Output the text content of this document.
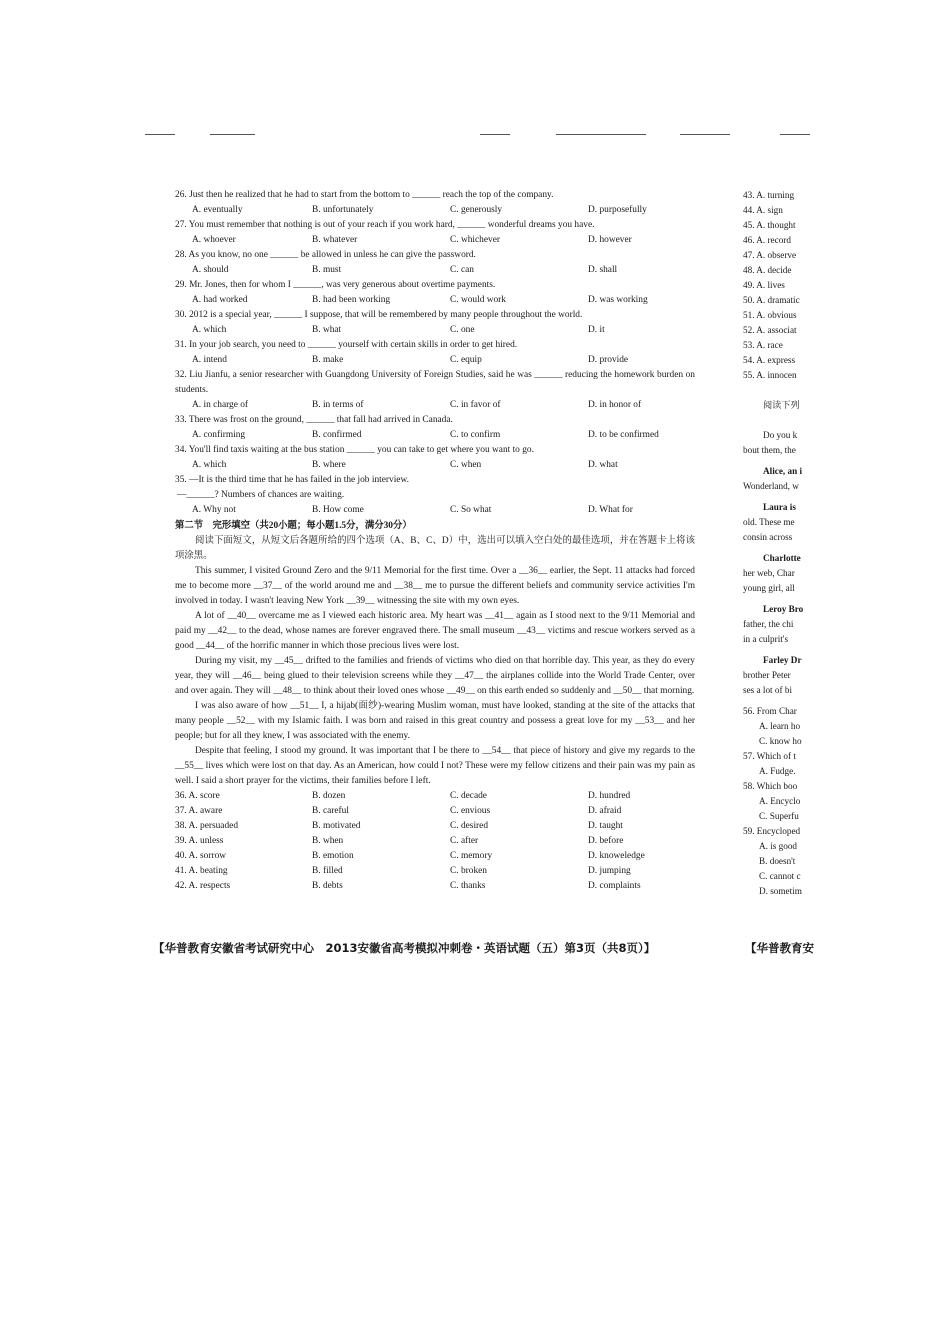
26. Just then he realized that he had to start from the bottom to ______ reach the top of the company.

A. eventually	B. unfortunately	C. generously	D. purposefully

27. You must remember that nothing is out of your reach if you work hard, ______ wonderful dreams you have.

A. whoever	B. whatever	C. whichever	D. however

28. As you know, no one ______ be allowed in unless he can give the password.

A. should	B. must	C. can	D. shall

29. Mr. Jones, then for whom I ______, was very generous about overtime payments.

A. had worked	B. had been working	C. would work	D. was working

30. 2012 is a special year, ______ I suppose, that will be remembered by many people throughout the world.

A. which	B. what	C. one	D. it

31. In your job search, you need to ______ yourself with certain skills in order to get hired.

A. intend	B. make	C. equip	D. provide

32. Liu Jianfu, a senior researcher with Guangdong University of Foreign Studies, said he was ______ reducing the homework burden on students.

A. in charge of	B. in terms of	C. in favor of	D. in honor of

33. There was frost on the ground, ______ that fall had arrived in Canada.

A. confirming	B. confirmed	C. to confirm	D. to be confirmed

34. You'll find taxis waiting at the bus station ______ you can take to get where you want to go.

A. which	B. where	C. when	D. what

35. —It is the third time that he has failed in the job interview.

—______? Numbers of chances are waiting.

A. Why not	B. How come	C. So what	D. What for

第二节　完形填空（共20小题；每小题1.5分，满分30分）

阅读下面短文，从短文后各题所给的四个选项（A、B、C、D）中，选出可以填入空白处的最佳选项，并在答题卡上将该项涂黑。

This summer, I visited Ground Zero and the 9/11 Memorial for the first time. Over a __36__ earlier, the Sept. 11 attacks had forced me to become more __37__ of the world around me and __38__ me to pursue the different beliefs and community service activities I'm involved in today. I wasn't leaving New York __39__ witnessing the site with my own eyes.

A lot of __40__ overcame me as I viewed each historic area. My heart was __41__ again as I stood next to the 9/11 Memorial and paid my __42__ to the dead, whose names are forever engraved there. The small museum __43__ victims and rescue workers served as a good __44__ of the horrific manner in which those precious lives were lost.

During my visit, my __45__ drifted to the families and friends of victims who died on that horrible day. This year, as they do every year, they will __46__ being glued to their television screens while they __47__ the airplanes collide into the World Trade Center, over and over again. They will __48__ to think about their loved ones whose __49__ on this earth ended so suddenly and __50__ that morning.

I was also aware of how __51__ I, a hijab(面纱)-wearing Muslim woman, must have looked, standing at the site of the attacks that many people __52__ with my Islamic faith. I was born and raised in this great country and possess a great love for my __53__ and her people; but for all they knew, I was associated with the enemy.

Despite that feeling, I stood my ground. It was important that I be there to __54__ that piece of history and give my regards to the __55__ lives which were lost on that day. As an American, how could I not? These were my fellow citizens and their pain was my pain as well. I said a short prayer for the victims, their families before I left.

36. A. score	B. dozen	C. decade	D. hundred
37. A. aware	B. careful	C. envious	D. afraid
38. A. persuaded	B. motivated	C. desired	D. taught
39. A. unless	B. when	C. after	D. before
40. A. sorrow	B. emotion	C. memory	D. knoweledge
41. A. beating	B. filled	C. broken	D. jumping
42. A. respects	B. debts	C. thanks	D. complaints
【华普教育安徽省考试研究中心　2013安徽省高考模拟冲刺卷・英语试题（五）第3页（共8页）】

43. A. turning

44. A. sign

45. A. thought

46. A. record

47. A. observe

48. A. decide

49. A. lives

50. A. dramatic

51. A. obvious

52. A. associat

53. A. race

54. A. express

55. A. innocen

阅读下列

Do you k

bout them, the

Alice, an i

Wonderland, w

Laura is

old. These me

consin across

Charlotte

her web, Char

young girl, all

Leroy Bro

father, the chi

in a culprit's

Farley Dr

brother Peter

ses a lot of bi

56. From Char

A. learn ho

C. know ho

57. Which of t

A. Fudge.

58. Which boo

A. Encyclo

C. Superfu

59. Encycloped

A. is good

B. doesn't

C. cannot c

D. sometim

【华普教育安
